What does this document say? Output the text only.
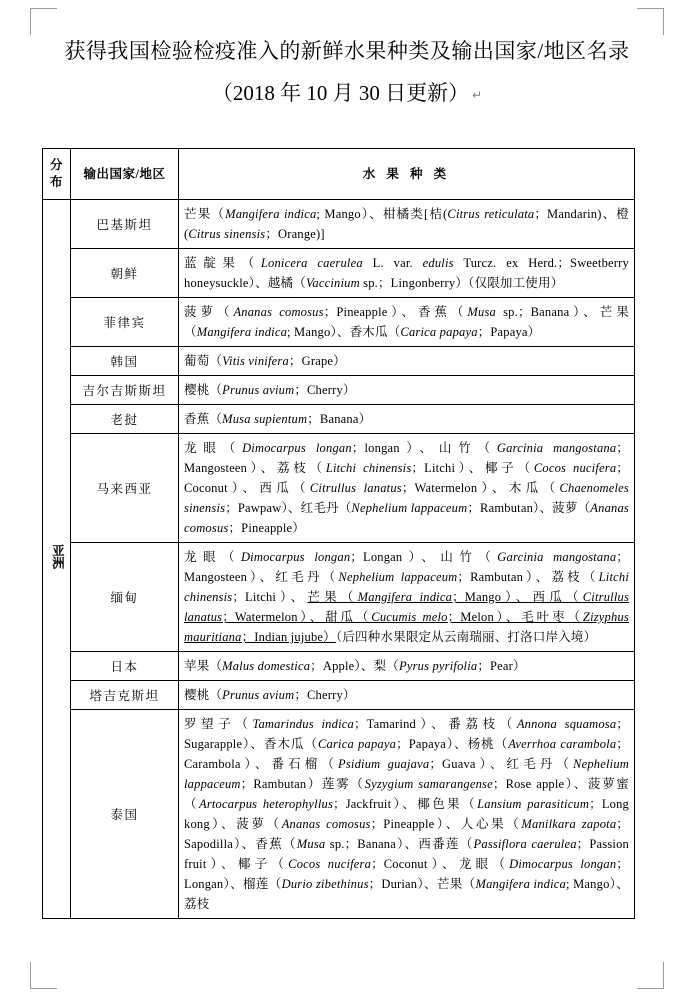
获得我国检验检疫准入的新鲜水果种类及输出国家/地区名录
（2018 年 10 月 30 日更新） ↵
分布	输出国家/地区	水 果 种 类
亚洲	巴基斯坦	芒果（Mangifera indica; Mango）、柑橘类[桔(Citrus reticulata；Mandarin)、橙(Citrus sinensis；Orange)]
	朝鲜	蓝靛果（Lonicera caerulea L. var. edulis Turcz. ex Herd.；Sweetberry honeysuckle）、越橘（Vaccinium sp.；Lingonberry）（仅限加工使用）
	菲律宾	菠萝（Ananas comosus；Pineapple）、香蕉（Musa sp.；Banana）、芒果（Mangifera indica; Mango）、香木瓜（Carica papaya；Papaya）
	韩国	葡萄（Vitis vinifera；Grape）
	吉尔吉斯斯坦	樱桃（Prunus avium；Cherry）
	老挝	香蕉（Musa supientum；Banana）
	马来西亚	龙眼（Dimocarpus longan；longan）、山竹（Garcinia mangostana；Mangosteen）、荔枝（Litchi chinensis；Litchi）、椰子（Cocos nucifera；Coconut）、西瓜（Citrullus lanatus；Watermelon）、木瓜（Chaenomeles sinensis；Pawpaw）、红毛丹（Nephelium lappaceum；Rambutan）、菠萝（Ananas comosus；Pineapple）
	缅甸	龙眼（Dimocarpus longan；Longan）、山竹（Garcinia mangostana；Mangosteen）、红毛丹（Nephelium lappaceum；Rambutan）、荔枝（Litchi chinensis；Litchi）、芒果（Mangifera indica；Mango）、西瓜（Citrullus lanatus；Watermelon）、甜瓜（Cucumis melo；Melon）、毛叶枣（Zizyphus mauritiana；Indian jujube）（后四种水果限定从云南瑞丽、打洛口岸入境）
	日本	苹果（Malus domestica；Apple）、梨（Pyrus pyrifolia；Pear）
	塔吉克斯坦	樱桃（Prunus avium；Cherry）
	泰国	罗望子（Tamarindus indica；Tamarind）、番荔枝（Annona squamosa；Sugarapple）、香木瓜（Carica papaya；Papaya）、杨桃（Averrhoa carambola；Carambola）、番石榴（Psidium guajava；Guava）、红毛丹（Nephelium lappaceum；Rambutan）莲雾（Syzygium samarangense；Rose apple）、菠萝蜜（Artocarpus heterophyllus；Jackfruit）、椰色果（Lansium parasiticum；Long kong）、菠萝（Ananas comosus；Pineapple）、人心果（Manilkara zapota；Sapodilla）、香蕉（Musa sp.；Banana）、西番莲（Passiflora caerulea；Passion fruit）、椰子（Cocos nucifera；Coconut）、龙眼（Dimocarpus longan；Longan）、榴莲（Durio zibethinus；Durian）、芒果（Mangifera indica; Mango）、荔枝
